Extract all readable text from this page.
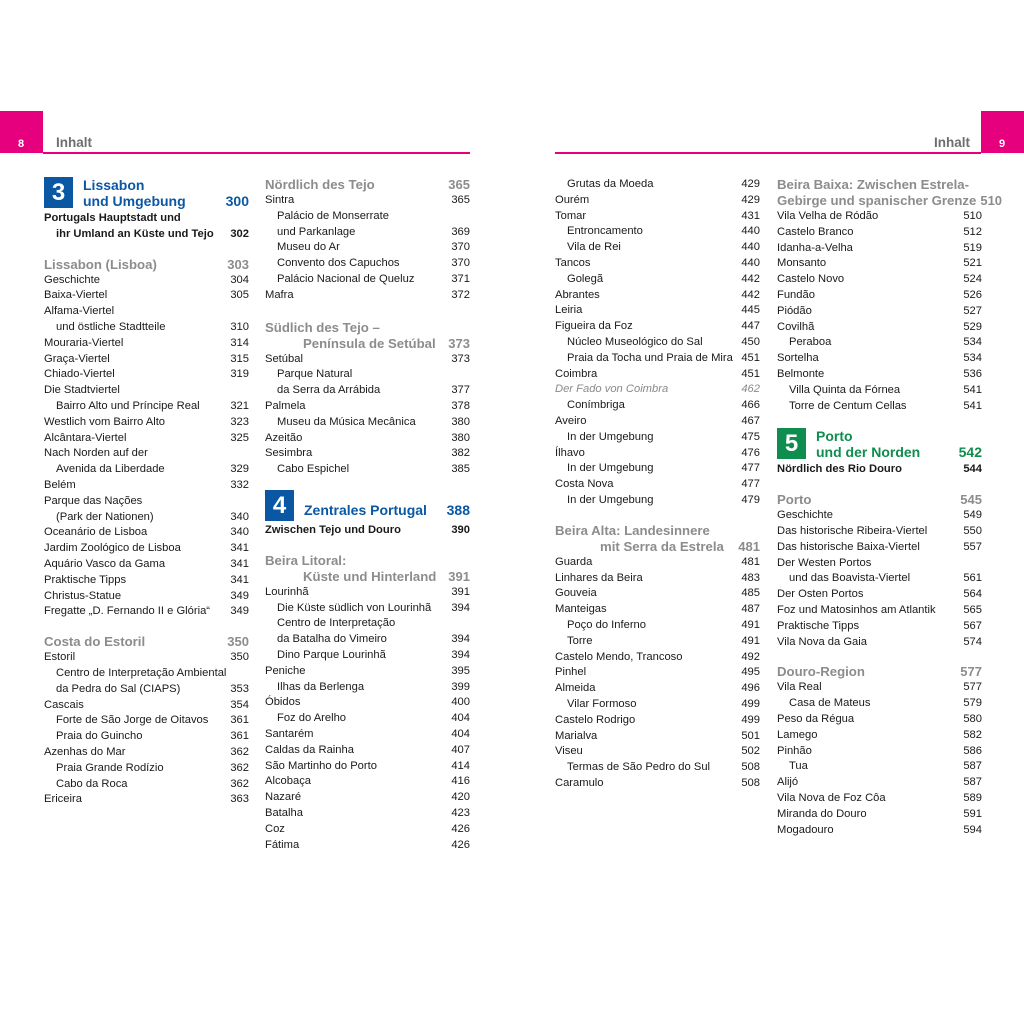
8	Inhalt	Inhalt	9
3	Lissabon
und Umgebung	300
Portugals Hauptstadt und
ihr Umland an Küste und Tejo 302
Lissabon (Lisboa)	303
Geschichte	304
Baixa-Viertel	305
Alfama-Viertel
und östliche Stadtteile	310
Mouraria-Viertel	314
Graça-Viertel	315
Chiado-Viertel	319
Die Stadtviertel
Bairro Alto und Príncipe Real	321
Westlich vom Bairro Alto	323
Alcântara-Viertel	325
Nach Norden auf der
Avenida da Liberdade	329
Belém	332
Parque das Nações
(Park der Nationen)	340
Oceanário de Lisboa	340
Jardim Zoológico de Lisboa	341
Aquário Vasco da Gama	341
Praktische Tipps	341
Christus-Statue	349
Fregatte „D. Fernando II e Glória“ 349
Costa do Estoril	350
Estoril	350
Centro de Interpretação Ambiental
da Pedra do Sal (CIAPS)	353
Cascais	354
Forte de São Jorge de Oitavos 361
Praia do Guincho	361
Azenhas do Mar	362
Praia Grande Rodízio	362
Cabo da Roca	362
Ericeira	363
Nördlich des Tejo	365
Sintra	365
Palácio de Monserrate
und Parkanlage	369
Museu do Ar	370
Convento dos Capuchos	370
Palácio Nacional de Queluz	371
Mafra	372
Südlich des Tejo –
Península de Setúbal 373
Setúbal	373
Parque Natural
da Serra da Arrábida	377
Palmela	378
Museu da Música Mecânica	380
Azeitão	380
Sesimbra	382
Cabo Espichel	385
4	Zentrales Portugal 388
Zwischen Tejo und Douro	390
Beira Litoral:
Küste und Hinterland 391
Lourinhã	391
Die Küste südlich von Lourinhã 394
Centro de Interpretação
da Batalha do Vimeiro	394
Dino Parque Lourinhã	394
Peniche	395
Ilhas da Berlenga	399
Óbidos	400
Foz do Arelho	404
Santarém	404
Caldas da Rainha	407
São Martinho do Porto	414
Alcobaça	416
Nazaré	420
Batalha	423
Coz	426
Fátima	426
Grutas da Moeda	429
Ourém	429
Tomar	431
Entroncamento	440
Vila de Rei	440
Tancos	440
Golegã	442
Abrantes	442
Leiria	445
Figueira da Foz	447
Núcleo Museológico do Sal	450
Praia da Tocha und Praia de Mira 451
Coimbra	451
Der Fado von Coimbra	462
Conímbriga	466
Aveiro	467
In der Umgebung	475
Ílhavo	476
In der Umgebung	477
Costa Nova	477
In der Umgebung	479
Beira Alta: Landesinnere
mit Serra da Estrela 481
Guarda	481
Linhares da Beira	483
Gouveia	485
Manteigas	487
Poço do Inferno	491
Torre	491
Castelo Mendo, Trancoso	492
Pinhel	495
Almeida	496
Vilar Formoso	499
Castelo Rodrigo	499
Marialva	501
Viseu	502
Termas de São Pedro do Sul	508
Caramulo	508
Beira Baixa: Zwischen Estrela-
Gebirge und spanischer Grenze 510
Vila Velha de Ródão	510
Castelo Branco	512
Idanha-a-Velha	519
Monsanto	521
Castelo Novo	524
Fundão	526
Piódão	527
Covilhã	529
Peraboa	534
Sortelha	534
Belmonte	536
Villa Quinta da Fórnea	541
Torre de Centum Cellas	541
5	Porto
und der Norden	542
Nördlich des Rio Douro	544
Porto	545
Geschichte	549
Das historische Ribeira-Viertel	550
Das historische Baixa-Viertel	557
Der Westen Portos
und das Boavista-Viertel	561
Der Osten Portos	564
Foz und Matosinhos am Atlantik 565
Praktische Tipps	567
Vila Nova da Gaia	574
Douro-Region	577
Vila Real	577
Casa de Mateus	579
Peso da Régua	580
Lamego	582
Pinhão	586
Tua	587
Alijó	587
Vila Nova de Foz Côa	589
Miranda do Douro	591
Mogadouro	594
